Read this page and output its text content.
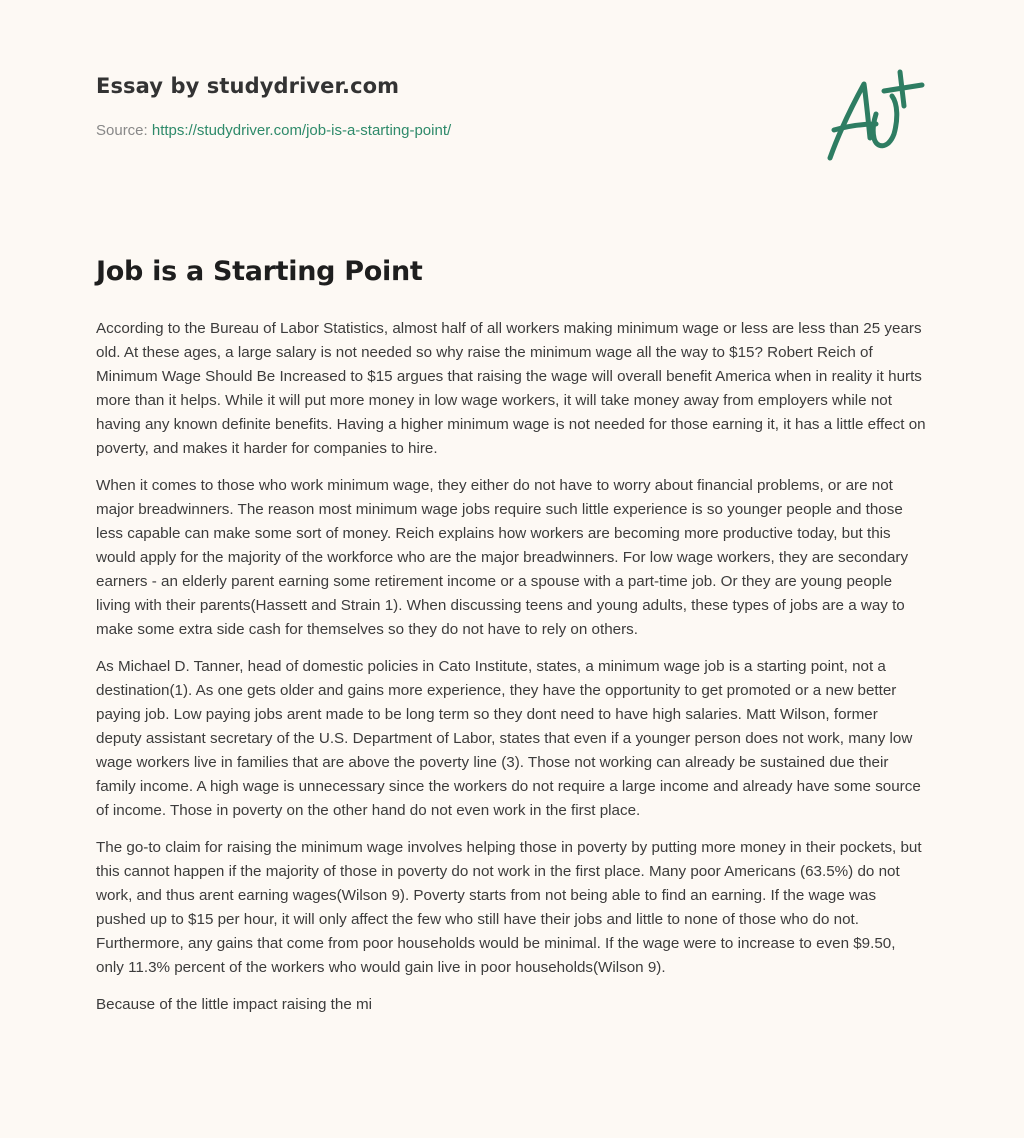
Essay by studydriver.com
Source: https://studydriver.com/job-is-a-starting-point/
Job is a Starting Point

According to the Bureau of Labor Statistics, almost half of all workers making minimum wage or less are less than 25 years old. At these ages, a large salary is not needed so why raise the minimum wage all the way to $15? Robert Reich of Minimum Wage Should Be Increased to $15 argues that raising the wage will overall benefit America when in reality it hurts more than it helps. While it will put more money in low wage workers, it will take money away from employers while not having any known definite benefits. Having a higher minimum wage is not needed for those earning it, it has a little effect on poverty, and makes it harder for companies to hire.

When it comes to those who work minimum wage, they either do not have to worry about financial problems, or are not major breadwinners. The reason most minimum wage jobs require such little experience is so younger people and those less capable can make some sort of money. Reich explains how workers are becoming more productive today, but this would apply for the majority of the workforce who are the major breadwinners. For low wage workers, they are secondary earners - an elderly parent earning some retirement income or a spouse with a part-time job. Or they are young people living with their parents(Hassett and Strain 1). When discussing teens and young adults, these types of jobs are a way to make some extra side cash for themselves so they do not have to rely on others.

As Michael D. Tanner, head of domestic policies in Cato Institute, states, a minimum wage job is a starting point, not a destination(1). As one gets older and gains more experience, they have the opportunity to get promoted or a new better paying job. Low paying jobs arent made to be long term so they dont need to have high salaries. Matt Wilson, former deputy assistant secretary of the U.S. Department of Labor, states that even if a younger person does not work, many low wage workers live in families that are above the poverty line (3). Those not working can already be sustained due their family income. A high wage is unnecessary since the workers do not require a large income and already have some source of income. Those in poverty on the other hand do not even work in the first place.

The go-to claim for raising the minimum wage involves helping those in poverty by putting more money in their pockets, but this cannot happen if the majority of those in poverty do not work in the first place. Many poor Americans (63.5%) do not work, and thus arent earning wages(Wilson 9). Poverty starts from not being able to find an earning. If the wage was pushed up to $15 per hour, it will only affect the few who still have their jobs and little to none of those who do not. Furthermore, any gains that come from poor households would be minimal. If the wage were to increase to even $9.50, only 11.3% percent of the workers who would gain live in poor households(Wilson 9).

Because of the little impact raising the mi
